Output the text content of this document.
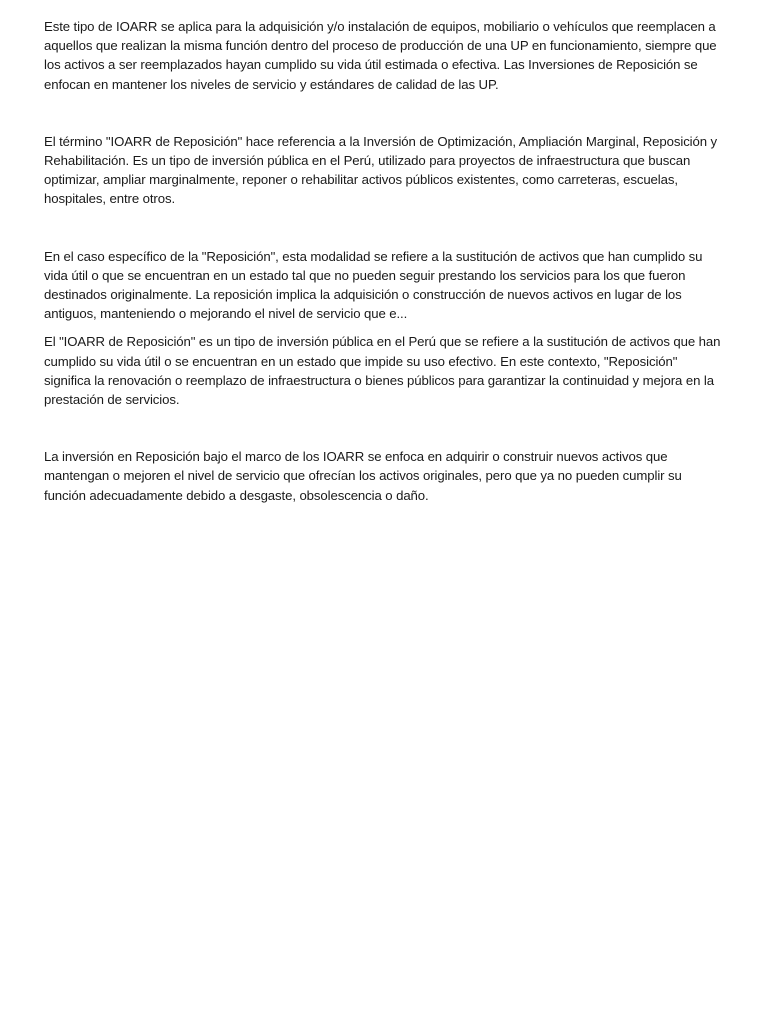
Este tipo de IOARR se aplica para la adquisición y/o instalación de equipos, mobiliario o vehículos que reemplacen a aquellos que realizan la misma función dentro del proceso de producción de una UP en funcionamiento, siempre que los activos a ser reemplazados hayan cumplido su vida útil estimada o efectiva. Las Inversiones de Reposición se enfocan en mantener los niveles de servicio y estándares de calidad de las UP.

El término "IOARR de Reposición" hace referencia a la Inversión de Optimización, Ampliación Marginal, Reposición y Rehabilitación. Es un tipo de inversión pública en el Perú, utilizado para proyectos de infraestructura que buscan optimizar, ampliar marginalmente, reponer o rehabilitar activos públicos existentes, como carreteras, escuelas, hospitales, entre otros.

En el caso específico de la "Reposición", esta modalidad se refiere a la sustitución de activos que han cumplido su vida útil o que se encuentran en un estado tal que no pueden seguir prestando los servicios para los que fueron destinados originalmente. La reposición implica la adquisición o construcción de nuevos activos en lugar de los antiguos, manteniendo o mejorando el nivel de servicio que e...

El "IOARR de Reposición" es un tipo de inversión pública en el Perú que se refiere a la sustitución de activos que han cumplido su vida útil o se encuentran en un estado que impide su uso efectivo. En este contexto, "Reposición" significa la renovación o reemplazo de infraestructura o bienes públicos para garantizar la continuidad y mejora en la prestación de servicios.

La inversión en Reposición bajo el marco de los IOARR se enfoca en adquirir o construir nuevos activos que mantengan o mejoren el nivel de servicio que ofrecían los activos originales, pero que ya no pueden cumplir su función adecuadamente debido a desgaste, obsolescencia o daño.
